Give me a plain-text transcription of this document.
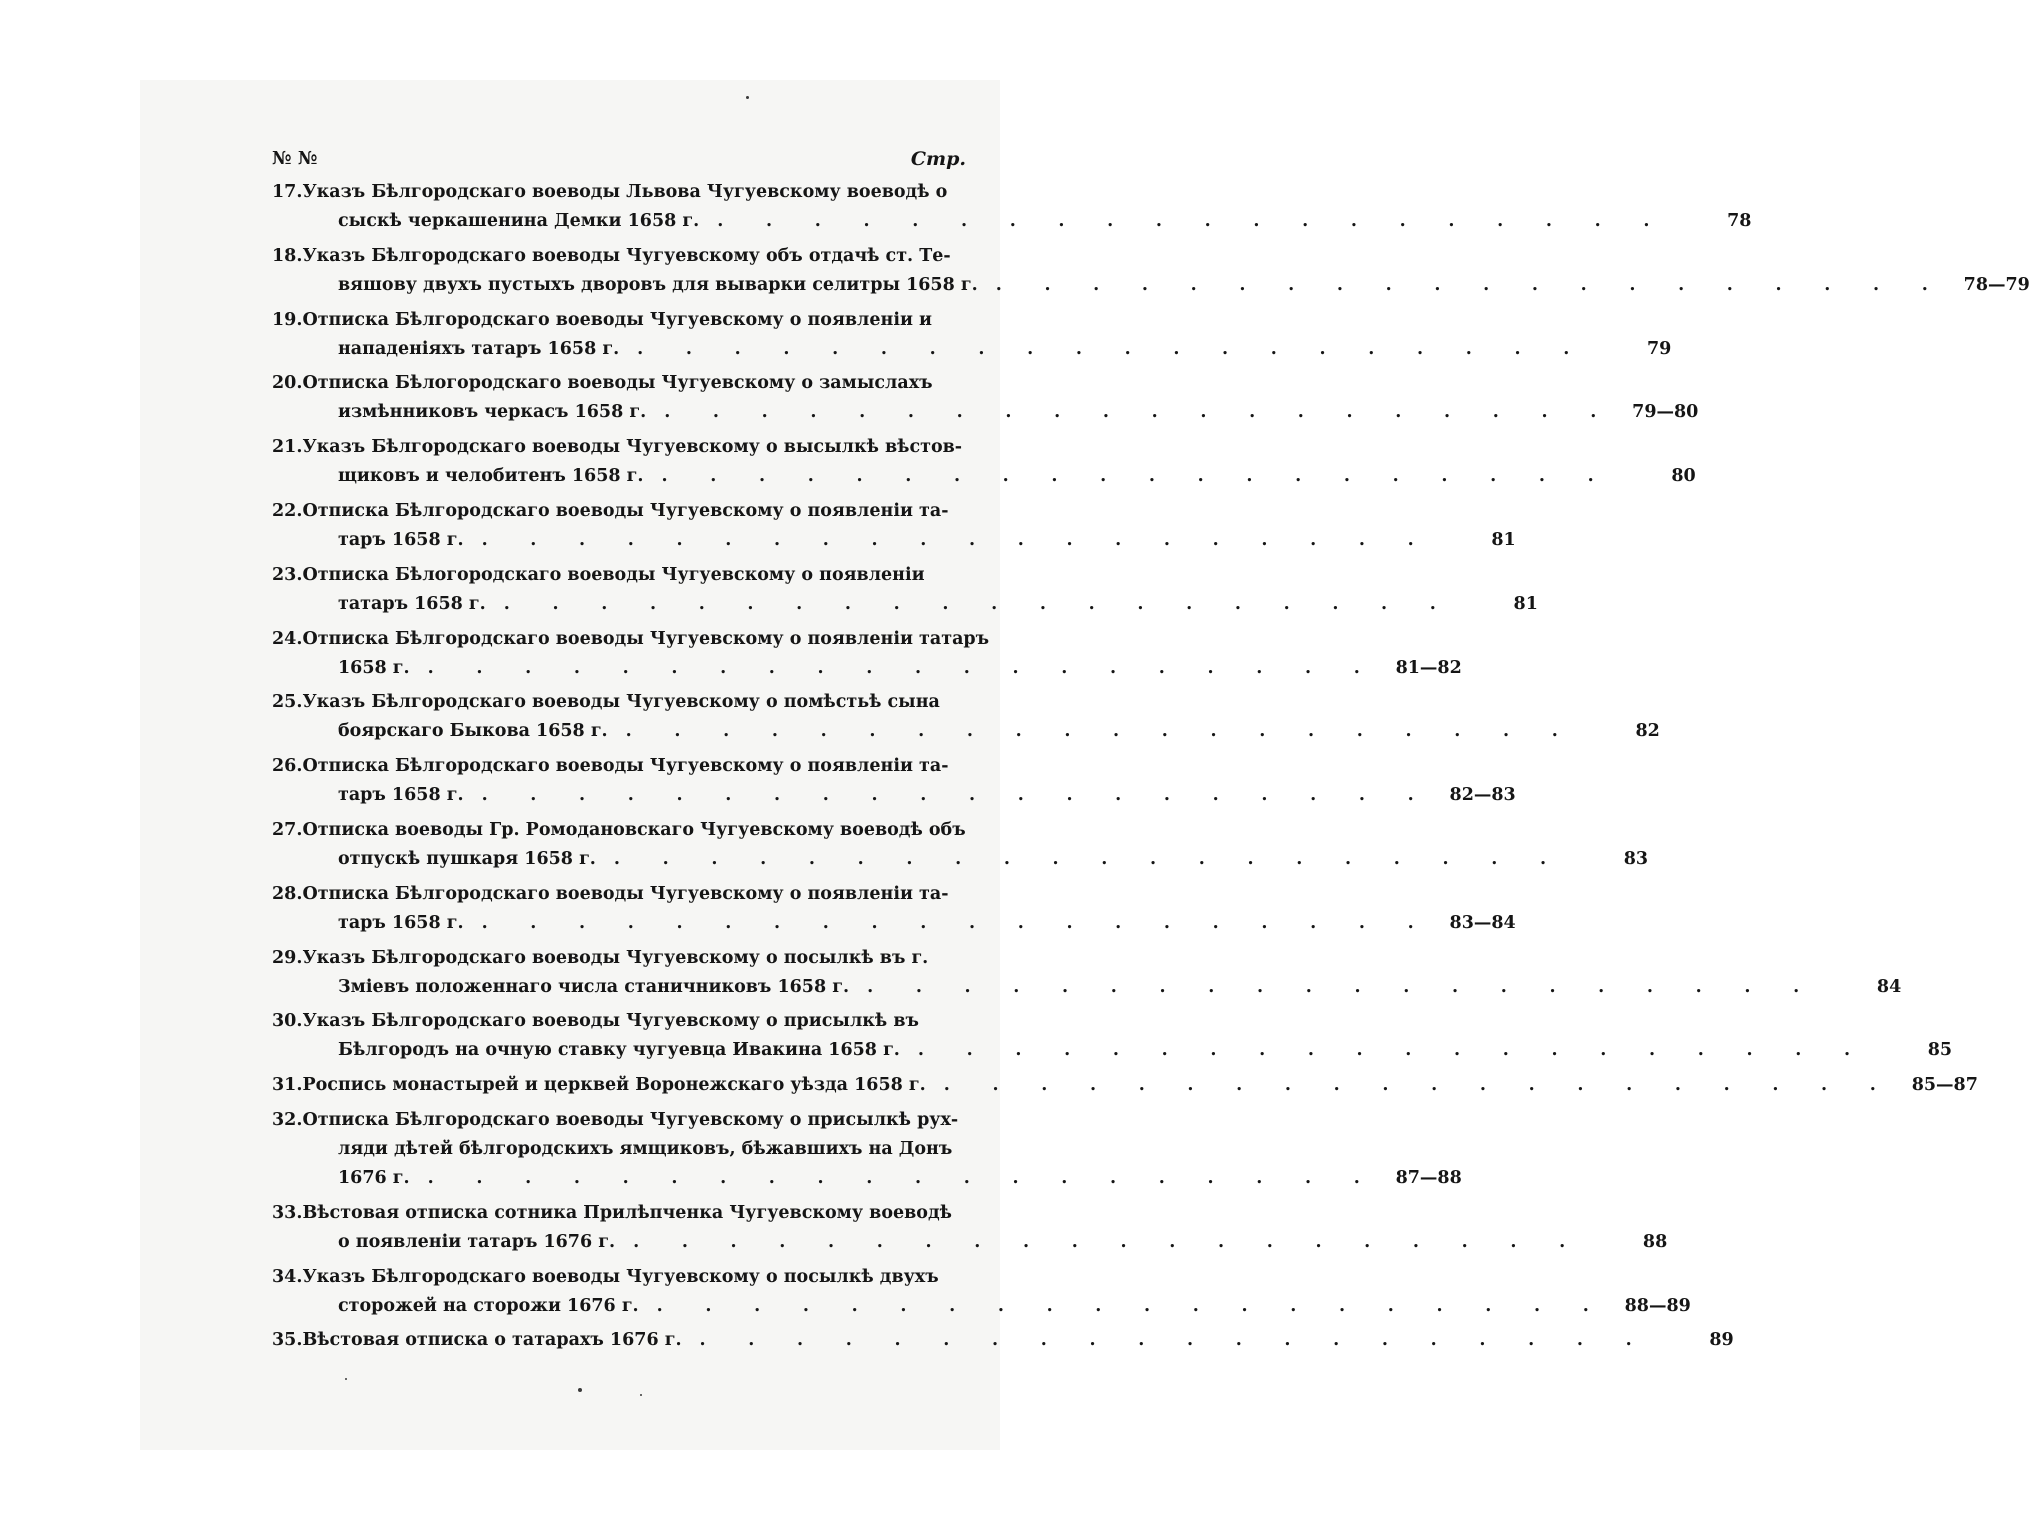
№ №	Стр.
17. Указъ Бѣлгородскаго воеводы Львова Чугуевскому воеводѣ о
сыскѣ черкашенина Демки 1658 г. .	78
18. Указъ Бѣлгородскаго воеводы Чугуевскому объ отдачѣ ст. Те-
вяшову двухъ пустыхъ дворовъ для выварки селитры 1658 г. .	78—79
19. Отписка Бѣлгородскаго воеводы Чугуевскому о появленіи и
нападеніяхъ татаръ 1658 г. .	79
20. Отписка Бѣлогородскаго воеводы Чугуевскому о замыслахъ
измѣнниковъ черкасъ 1658 г. .	79—80
21. Указъ Бѣлгородскаго воеводы Чугуевскому о высылкѣ вѣстов-
щиковъ и челобитенъ 1658 г. .	80
22. Отписка Бѣлгородскаго воеводы Чугуевскому о появленіи та-
таръ 1658 г. .	81
23. Отписка Бѣлогородскаго воеводы Чугуевскому о появленіи
татаръ 1658 г. .	81
24. Отписка Бѣлгородскаго воеводы Чугуевскому о появленіи татаръ
1658 г. .	81—82
25. Указъ Бѣлгородскаго воеводы Чугуевскому о помѣстьѣ сына
боярскаго Быкова 1658 г. .	82
26. Отписка Бѣлгородскаго воеводы Чугуевскому о появленіи та-
таръ 1658 г. .	82—83
27. Отписка воеводы Гр. Ромодановскаго Чугуевскому воеводѣ объ
отпускѣ пушкаря 1658 г. .	83
28. Отписка Бѣлгородскаго воеводы Чугуевскому о появленіи та-
таръ 1658 г. .	83—84
29. Указъ Бѣлгородскаго воеводы Чугуевскому о посылкѣ въ г.
Зміевъ положеннаго числа станичниковъ 1658 г. .	84
30. Указъ Бѣлгородскаго воеводы Чугуевскому о присылкѣ въ
Бѣлгородъ на очную ставку чугуевца Ивакина 1658 г. .	85
31. Роспись монастырей и церквей Воронежскаго уѣзда 1658 г. .	85—87
32. Отписка Бѣлгородскаго воеводы Чугуевскому о присылкѣ рух-
ляди дѣтей бѣлгородскихъ ямщиковъ, бѣжавшихъ на Донъ
1676 г. .	87—88
33. Вѣстовая отписка сотника Прилѣпченка Чугуевскому воеводѣ
о появленіи татаръ 1676 г. .	88
34. Указъ Бѣлгородскаго воеводы Чугуевскому о посылкѣ двухъ
сторожей на сторожи 1676 г. .	88—89
35. Вѣстовая отписка о татарахъ 1676 г. .	89
